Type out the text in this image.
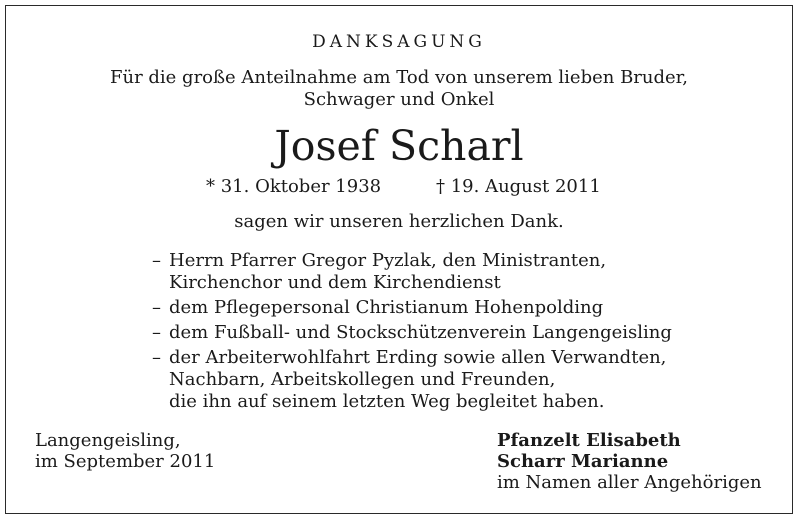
DANKSAGUNG
Für die große Anteilnahme am Tod von unserem lieben Bruder,
Schwager und Onkel
Josef Scharl
* 31. Oktober 1938	† 19. August 2011
sagen wir unseren herzlichen Dank.
– Herrn Pfarrer Gregor Pyzlak, den Ministranten,
Kirchenchor und dem Kirchendienst
– dem Pflegepersonal Christianum Hohenpolding
– dem Fußball- und Stockschützenverein Langengeisling
– der Arbeiterwohlfahrt Erding sowie allen Verwandten,
Nachbarn, Arbeitskollegen und Freunden,
die ihn auf seinem letzten Weg begleitet haben.
Langengeisling,
im September 2011
Pfanzelt Elisabeth
Scharr Marianne
im Namen aller Angehörigen
